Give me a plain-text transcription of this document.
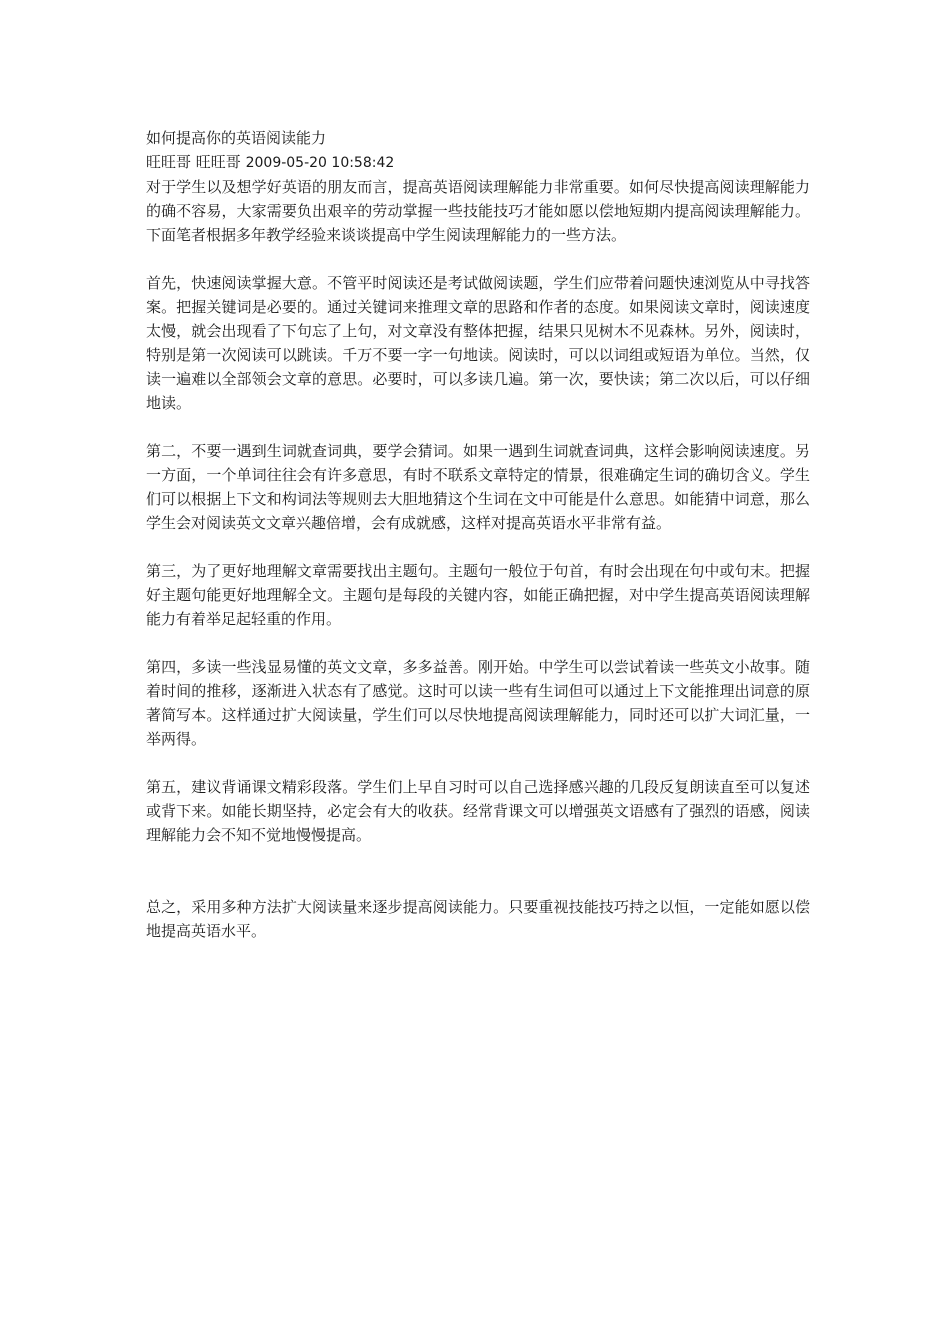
如何提高你的英语阅读能力

旺旺哥 旺旺哥 2009-05-20 10:58:42

对于学生以及想学好英语的朋友而言，提高英语阅读理解能力非常重要。如何尽快提高阅读理解能力的确不容易，大家需要负出艰辛的劳动掌握一些技能技巧才能如愿以偿地短期内提高阅读理解能力。下面笔者根据多年教学经验来谈谈提高中学生阅读理解能力的一些方法。

首先，快速阅读掌握大意。不管平时阅读还是考试做阅读题，学生们应带着问题快速浏览从中寻找答案。把握关键词是必要的。通过关键词来推理文章的思路和作者的态度。如果阅读文章时，阅读速度太慢，就会出现看了下句忘了上句，对文章没有整体把握，结果只见树木不见森林。另外，阅读时，特别是第一次阅读可以跳读。千万不要一字一句地读。阅读时，可以以词组或短语为单位。当然，仅读一遍难以全部领会文章的意思。必要时，可以多读几遍。第一次，要快读；第二次以后，可以仔细地读。

第二，不要一遇到生词就查词典，要学会猜词。如果一遇到生词就查词典，这样会影响阅读速度。另一方面，一个单词往往会有许多意思，有时不联系文章特定的情景，很难确定生词的确切含义。学生们可以根据上下文和构词法等规则去大胆地猜这个生词在文中可能是什么意思。如能猜中词意，那么学生会对阅读英文文章兴趣倍增，会有成就感，这样对提高英语水平非常有益。

第三，为了更好地理解文章需要找出主题句。主题句一般位于句首，有时会出现在句中或句末。把握好主题句能更好地理解全文。主题句是每段的关键内容，如能正确把握，对中学生提高英语阅读理解能力有着举足起轻重的作用。

第四，多读一些浅显易懂的英文文章，多多益善。刚开始。中学生可以尝试着读一些英文小故事。随着时间的推移，逐渐进入状态有了感觉。这时可以读一些有生词但可以通过上下文能推理出词意的原著简写本。这样通过扩大阅读量，学生们可以尽快地提高阅读理解能力，同时还可以扩大词汇量，一举两得。

第五，建议背诵课文精彩段落。学生们上早自习时可以自己选择感兴趣的几段反复朗读直至可以复述或背下来。如能长期坚持，必定会有大的收获。经常背课文可以增强英文语感有了强烈的语感，阅读理解能力会不知不觉地慢慢提高。

总之，采用多种方法扩大阅读量来逐步提高阅读能力。只要重视技能技巧持之以恒，一定能如愿以偿地提高英语水平。
